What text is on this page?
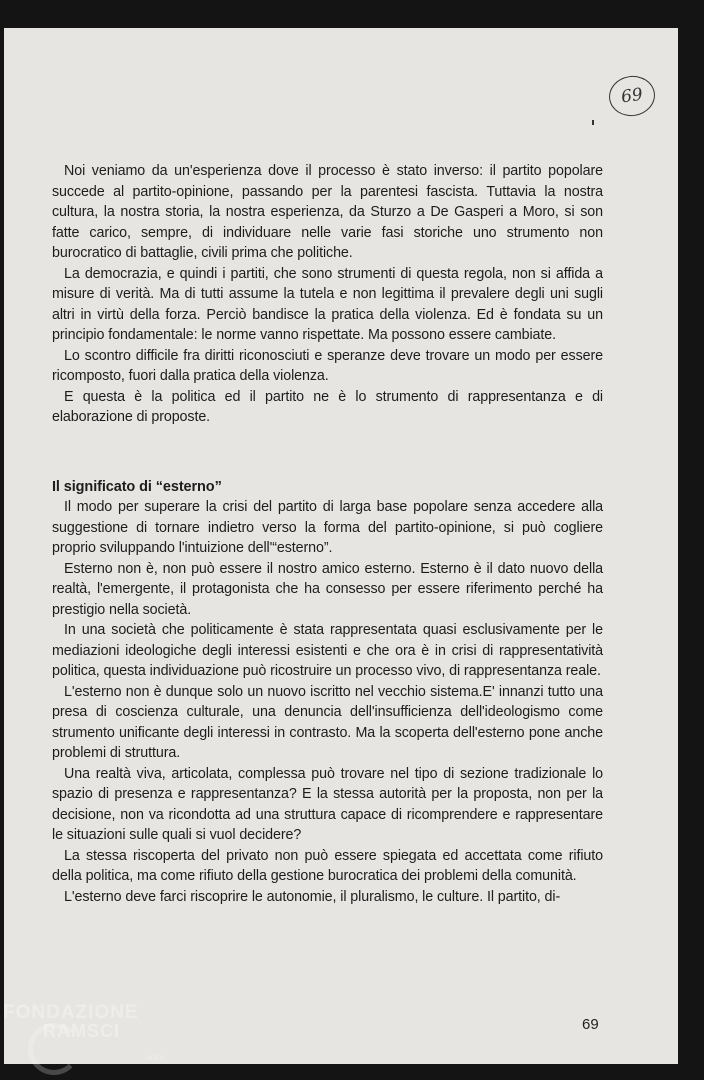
69

Noi veniamo da un'esperienza dove il processo è stato inverso: il partito popolare succede al partito-opinione, passando per la parentesi fascista. Tuttavia la nostra cultura, la nostra storia, la nostra esperienza, da Sturzo a De Gasperi a Moro, si son fatte carico, sempre, di individuare nelle varie fasi storiche uno strumento non burocratico di battaglie, civili prima che politiche.

La democrazia, e quindi i partiti, che sono strumenti di questa regola, non si affida a misure di verità. Ma di tutti assume la tutela e non legittima il prevalere degli uni sugli altri in virtù della forza. Perciò bandisce la pratica della violenza. Ed è fondata su un principio fondamentale: le norme vanno rispettate. Ma possono essere cambiate.

Lo scontro difficile fra diritti riconosciuti e speranze deve trovare un modo per essere ricomposto, fuori dalla pratica della violenza.

E questa è la politica ed il partito ne è lo strumento di rappresentanza e di elaborazione di proposte.

Il significato di “esterno”

Il modo per superare la crisi del partito di larga base popolare senza accedere alla suggestione di tornare indietro verso la forma del partito-opinione, si può cogliere proprio sviluppando l'intuizione dell'“esterno”.

Esterno non è, non può essere il nostro amico esterno. Esterno è il dato nuovo della realtà, l'emergente, il protagonista che ha consesso per essere riferimento perché ha prestigio nella società.

In una società che politicamente è stata rappresentata quasi esclusivamente per le mediazioni ideologiche degli interessi esistenti e che ora è in crisi di rappresentatività politica, questa individuazione può ricostruire un processo vivo, di rappresentanza reale.

L'esterno non è dunque solo un nuovo iscritto nel vecchio sistema.E' innanzi tutto una presa di coscienza culturale, una denuncia dell'insufficienza dell'ideologismo come strumento unificante degli interessi in contrasto. Ma la scoperta dell'esterno pone anche problemi di struttura.

Una realtà viva, articolata, complessa può trovare nel tipo di sezione tradizionale lo spazio di presenza e rappresentanza? E la stessa autorità per la proposta, non per la decisione, non va ricondotta ad una struttura capace di ricomprendere e rappresentare le situazioni sulle quali si vuol decidere?

La stessa riscoperta del privato non può essere spiegata ed accettata come rifiuto della politica, ma come rifiuto della gestione burocratica dei problemi della comunità.

L'esterno deve farci riscoprire le autonomie, il pluralismo, le culture. Il partito, di-

69
FONDAZIONE
RAMSCI
onlus
